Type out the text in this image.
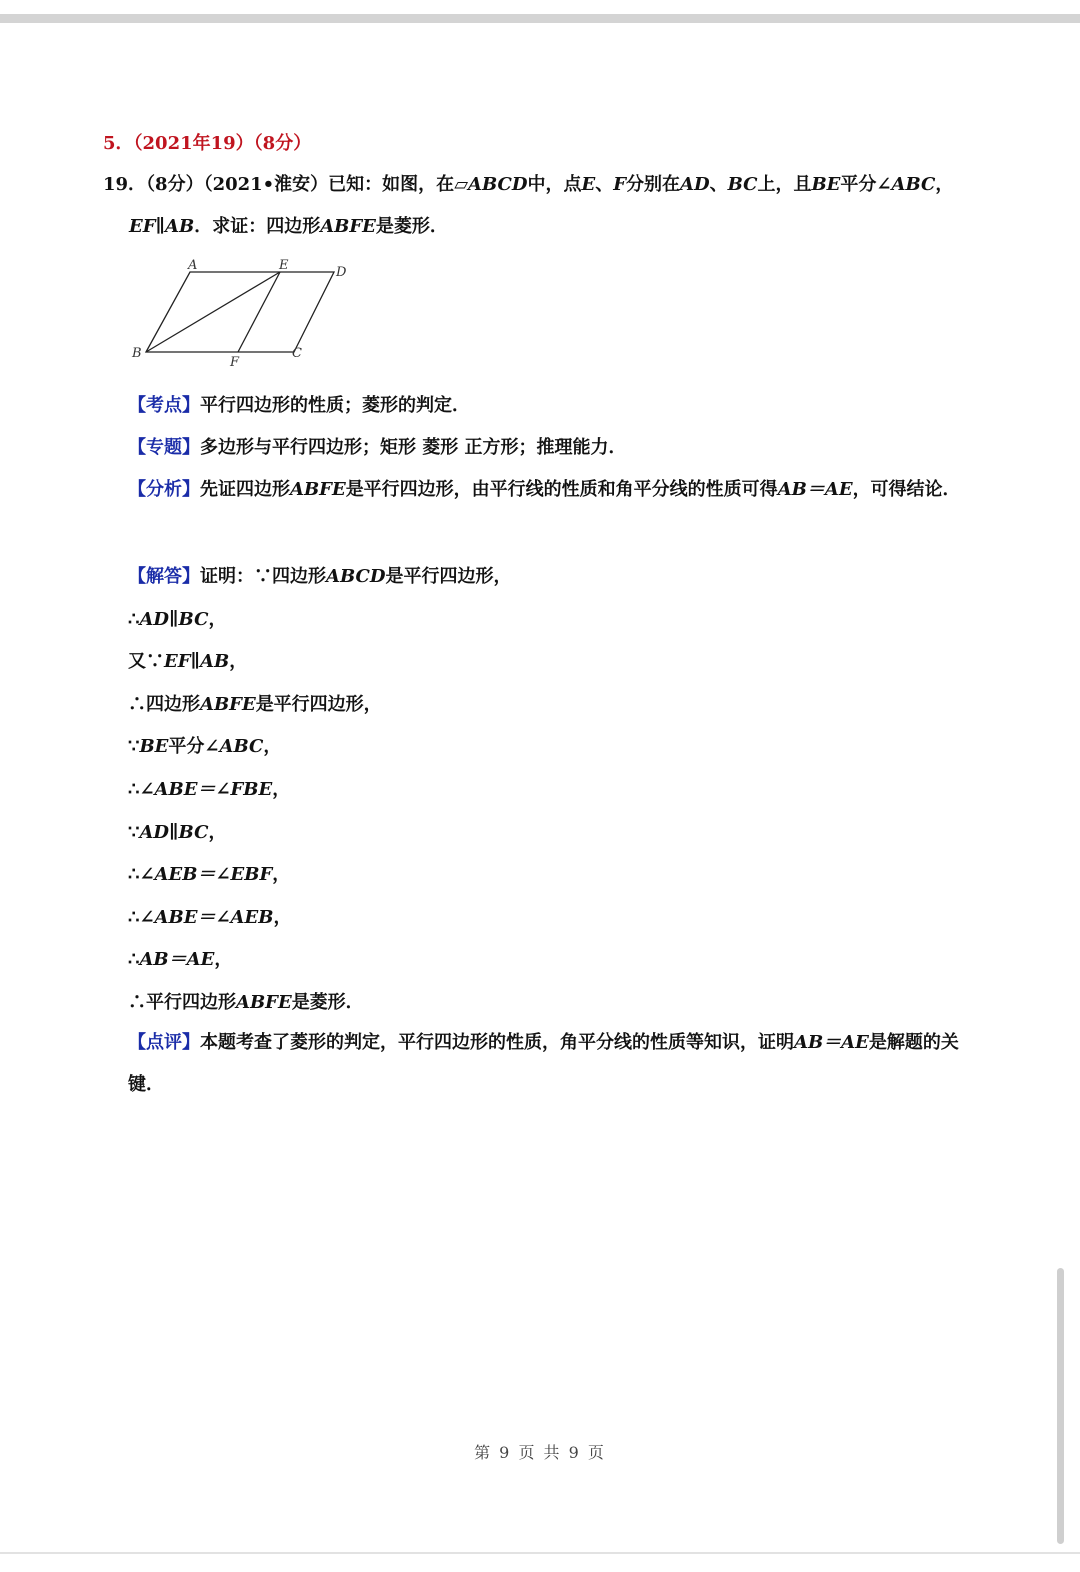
5．（2021年19）（8分）

19．（8分）（2021•淮安）已知：如图，在▱ABCD中，点E、F分别在AD、BC上，且BE平分∠ABC，
EF∥AB．求证：四边形ABFE是菱形．
A	E	D
B
F
C
【考点】平行四边形的性质；菱形的判定．
【专题】多边形与平行四边形；矩形 菱形 正方形；推理能力．
【分析】先证四边形ABFE是平行四边形，由平行线的性质和角平分线的性质可得AB＝AE，可得结论．

【解答】证明：∵四边形ABCD是平行四边形，

∴AD∥BC，

又∵EF∥AB，

∴四边形ABFE是平行四边形，

∵BE平分∠ABC，

∴∠ABE＝∠FBE，

∵AD∥BC，

∴∠AEB＝∠EBF，

∴∠ABE＝∠AEB，

∴AB＝AE，

∴平行四边形ABFE是菱形．

【点评】本题考查了菱形的判定，平行四边形的性质，角平分线的性质等知识，证明AB＝AE是解题的关键．
第 9 页 共 9 页
